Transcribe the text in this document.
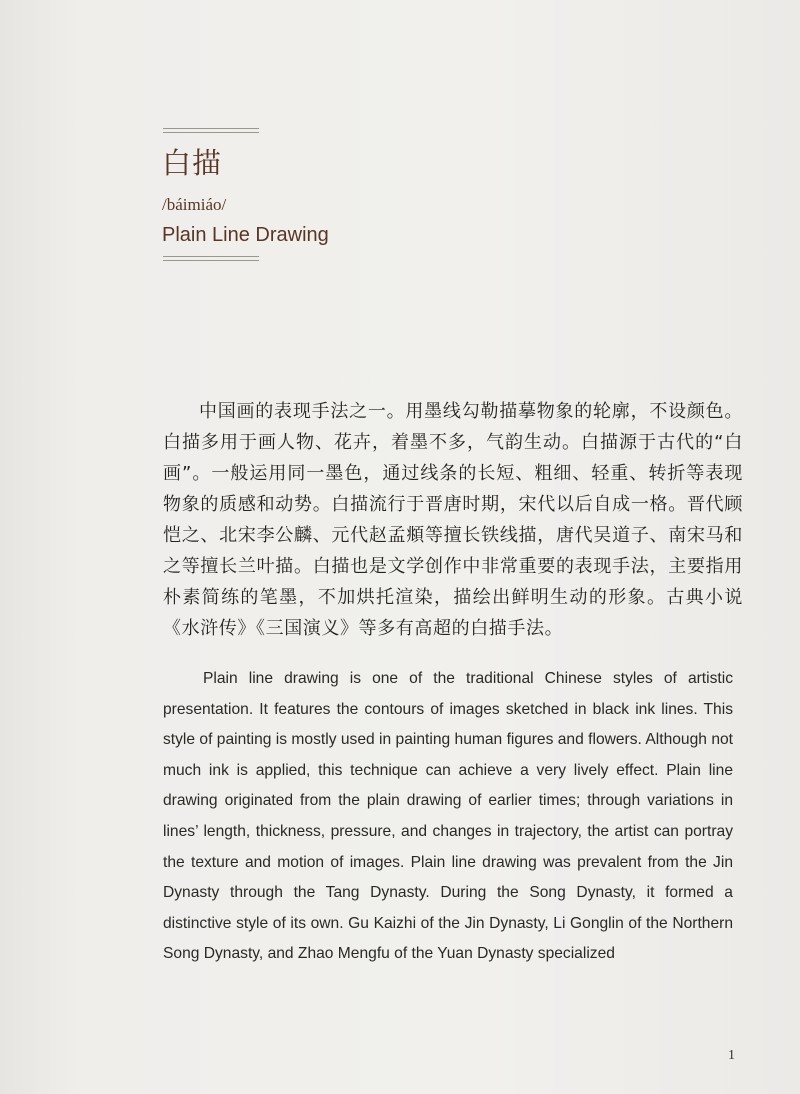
白描
/báimiáo/
Plain Line Drawing

中国画的表现手法之一。用墨线勾勒描摹物象的轮廓，不设颜色。白描多用于画人物、花卉，着墨不多，气韵生动。白描源于古代的“白画”。一般运用同一墨色，通过线条的长短、粗细、轻重、转折等表现物象的质感和动势。白描流行于晋唐时期，宋代以后自成一格。晋代顾恺之、北宋李公麟、元代赵孟頫等擅长铁线描，唐代吴道子、南宋马和之等擅长兰叶描。白描也是文学创作中非常重要的表现手法，主要指用朴素简练的笔墨，不加烘托渲染，描绘出鲜明生动的形象。古典小说《水浒传》《三国演义》等多有高超的白描手法。

Plain line drawing is one of the traditional Chinese styles of artistic presentation. It features the contours of images sketched in black ink lines. This style of painting is mostly used in painting human figures and flowers. Although not much ink is applied, this technique can achieve a very lively effect. Plain line drawing originated from the plain drawing of earlier times; through variations in lines’ length, thickness, pressure, and changes in trajectory, the artist can portray the texture and motion of images. Plain line drawing was prevalent from the Jin Dynasty through the Tang Dynasty. During the Song Dynasty, it formed a distinctive style of its own. Gu Kaizhi of the Jin Dynasty, Li Gonglin of the Northern Song Dynasty, and Zhao Mengfu of the Yuan Dynasty specialized

1
